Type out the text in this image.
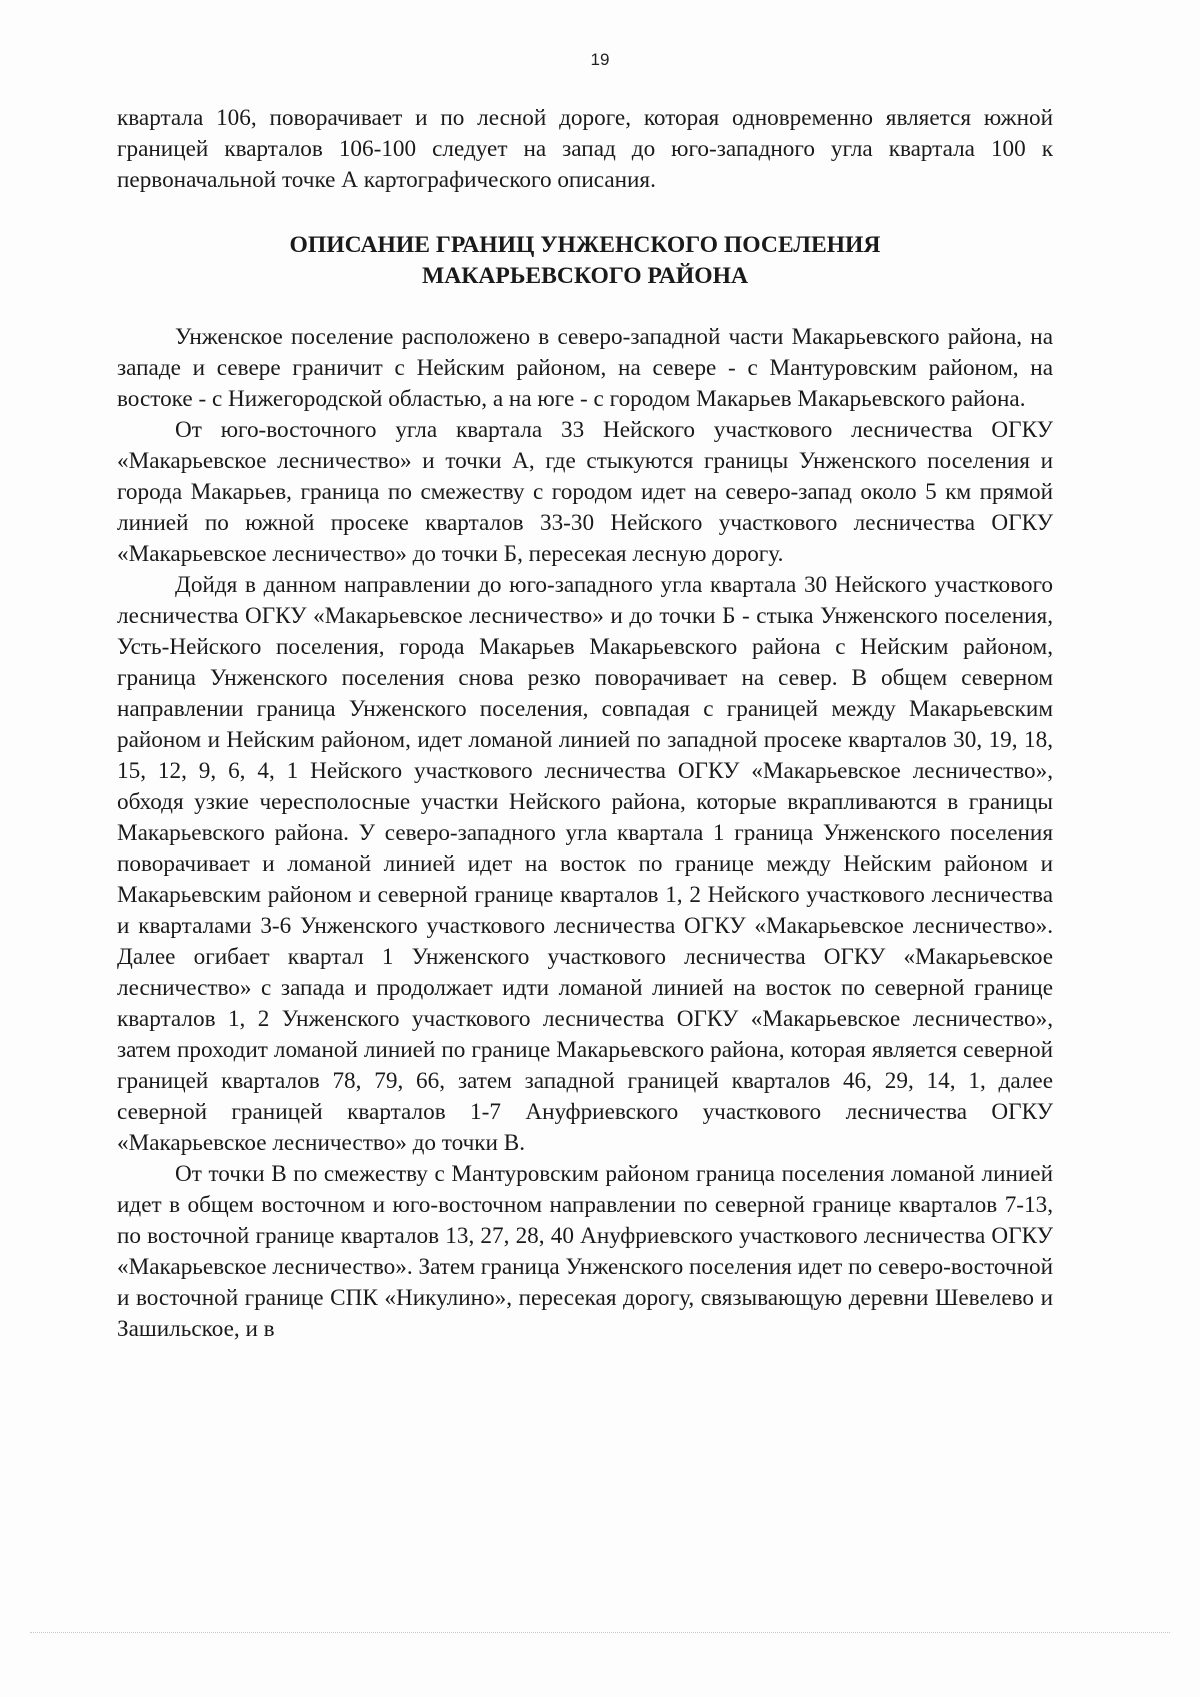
19

квартала 106, поворачивает и по лесной дороге, которая одновременно является южной границей кварталов 106-100 следует на запад до юго-западного угла квартала 100 к первоначальной точке А картографического описания.

ОПИСАНИЕ ГРАНИЦ УНЖЕНСКОГО ПОСЕЛЕНИЯ
МАКАРЬЕВСКОГО РАЙОНА

Унженское поселение расположено в северо-западной части Макарьевского района, на западе и севере граничит с Нейским районом, на севере - с Мантуровским районом, на востоке - с Нижегородской областью, а на юге - с городом Макарьев Макарьевского района.

От юго-восточного угла квартала 33 Нейского участкового лесничества ОГКУ «Макарьевское лесничество» и точки А, где стыкуются границы Унженского поселения и города Макарьев, граница по смежеству с городом идет на северо-запад около 5 км прямой линией по южной просеке кварталов 33-30 Нейского участкового лесничества ОГКУ «Макарьевское лесничество» до точки Б, пересекая лесную дорогу.

Дойдя в данном направлении до юго-западного угла квартала 30 Нейского участкового лесничества ОГКУ «Макарьевское лесничество» и до точки Б - стыка Унженского поселения, Усть-Нейского поселения, города Макарьев Макарьевского района с Нейским районом, граница Унженского поселения снова резко поворачивает на север. В общем северном направлении граница Унженского поселения, совпадая с границей между Макарьевским районом и Нейским районом, идет ломаной линией по западной просеке кварталов 30, 19, 18, 15, 12, 9, 6, 4, 1 Нейского участкового лесничества ОГКУ «Макарьевское лесничество», обходя узкие чересполосные участки Нейского района, которые вкрапливаются в границы Макарьевского района. У северо-западного угла квартала 1 граница Унженского поселения поворачивает и ломаной линией идет на восток по границе между Нейским районом и Макарьевским районом и северной границе кварталов 1, 2 Нейского участкового лесничества и кварталами 3-6 Унженского участкового лесничества ОГКУ «Макарьевское лесничество». Далее огибает квартал 1 Унженского участкового лесничества ОГКУ «Макарьевское лесничество» с запада и продолжает идти ломаной линией на восток по северной границе кварталов 1, 2 Унженского участкового лесничества ОГКУ «Макарьевское лесничество», затем проходит ломаной линией по границе Макарьевского района, которая является северной границей кварталов 78, 79, 66, затем западной границей кварталов 46, 29, 14, 1, далее северной границей кварталов 1-7 Ануфриевского участкового лесничества ОГКУ «Макарьевское лесничество» до точки В.

От точки В по смежеству с Мантуровским районом граница поселения ломаной линией идет в общем восточном и юго-восточном направлении по северной границе кварталов 7-13, по восточной границе кварталов 13, 27, 28, 40 Ануфриевского участкового лесничества ОГКУ «Макарьевское лесничество». Затем граница Унженского поселения идет по северо-восточной и восточной границе СПК «Никулино», пересекая дорогу, связывающую деревни Шевелево и Зашильское, и в
